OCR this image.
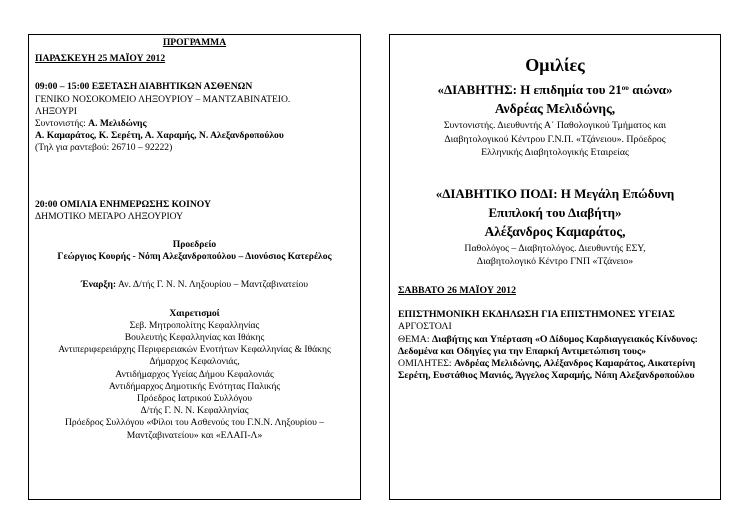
ΠΡΟΓΡΑΜΜΑ
ΠΑΡΑΣΚΕΥΗ 25 ΜΑΪΟΥ 2012
09:00 – 15:00 ΕΞΕΤΑΣΗ ΔΙΑΒΗΤΙΚΩΝ ΑΣΘΕΝΩΝ
ΓΕΝΙΚΟ ΝΟΣΟΚΟΜΕΙΟ ΛΗΞΟΥΡΙΟΥ – ΜΑΝΤΖΑΒΙΝΑΤΕΙΟ.
ΛΗΞΟΥΡΙ
Συντονιστής: Α. Μελιδώνης
Α. Καμαράτος, Κ. Σερέτη, Α. Χαραμής, Ν. Αλεξανδροπούλου
(Τηλ για ραντεβού: 26710 – 92222)
20:00 ΟΜΙΛΙΑ ΕΝΗΜΕΡΩΣΗΣ ΚΟΙΝΟΥ
ΔΗΜΟΤΙΚΟ ΜΕΓΑΡΟ ΛΗΞΟΥΡΙΟΥ
Προεδρείο
Γεώργιος Κουρής - Νόπη Αλεξανδροπούλου – Διονύσιος Κατερέλος
Έναρξη: Αν. Δ/τής Γ. Ν. Ν. Ληξουρίου – Μαντζαβινατείου
Χαιρετισμοί
Σεβ. Μητροπολίτης Κεφαλληνίας
Βουλευτής Κεφαλληνίας και Ιθάκης
Αντιπεριφερειάρχης Περιφερειακών Ενοτήτων Κεφαλληνίας & Ιθάκης
Δήμαρχος Κεφαλονιάς,
Αντιδήμαρχος Υγείας Δήμου Κεφαλονιάς
Αντιδήμαρχος Δημοτικής Ενότητας Παλικής
Πρόεδρος Ιατρικού Συλλόγου
Δ/τής Γ. Ν. Ν. Κεφαλληνίας
Πρόεδρος Συλλόγου «Φίλοι του Ασθενούς του Γ.Ν.Ν. Ληξουρίου –
Μαντζαβινατείου» και «ΕΛΑΠ-Λ»
Ομιλίες
«ΔΙΑΒΗΤΗΣ: Η επιδημία του $21^{o\upsilon}$ αιώνα»
Ανδρέας Μελιδώνης,
Συντονιστής. Διευθυντής Α΄ Παθολογικού Τμήματος και
Διαβητολογικού Κέντρου Γ.Ν.Π. «Τζάνειου». Πρόεδρος
Ελληνικής Διαβητολογικής Εταιρείας
«ΔΙΑΒΗΤΙΚΟ ΠΟΔΙ: Η Μεγάλη Επώδυνη
Επιπλοκή του Διαβήτη»
Αλέξανδρος Καμαράτος,
Παθολόγος – Διαβητολόγος. Διευθυντής ΕΣΥ,
Διαβητολογικό Κέντρο ΓΝΠ «Τζάνειο»
ΣΑΒΒΑΤΟ 26 ΜΑΪΟΥ 2012
ΕΠΙΣΤΗΜΟΝΙΚΗ ΕΚΔΗΛΩΣΗ ΓΙΑ ΕΠΙΣΤΗΜΟΝΕΣ ΥΓΕΙΑΣ
ΑΡΓΟΣΤΟΛΙ
ΘΕΜΑ: Διαβήτης και Υπέρταση «Ο Δίδυμος Καρδιαγγειακός Κίνδυνος: Δεδομένα και Οδηγίες για την Επαρκή Αντιμετώπιση τους»
ΟΜΙΛΗΤΕΣ: Ανδρέας Μελιδώνης, Αλέξανδρος Καμαράτος, Αικατερίνη Σερέτη, Ευστάθιος Μανιός, Άγγελος Χαραμής, Νόπη Αλεξανδροπούλου
